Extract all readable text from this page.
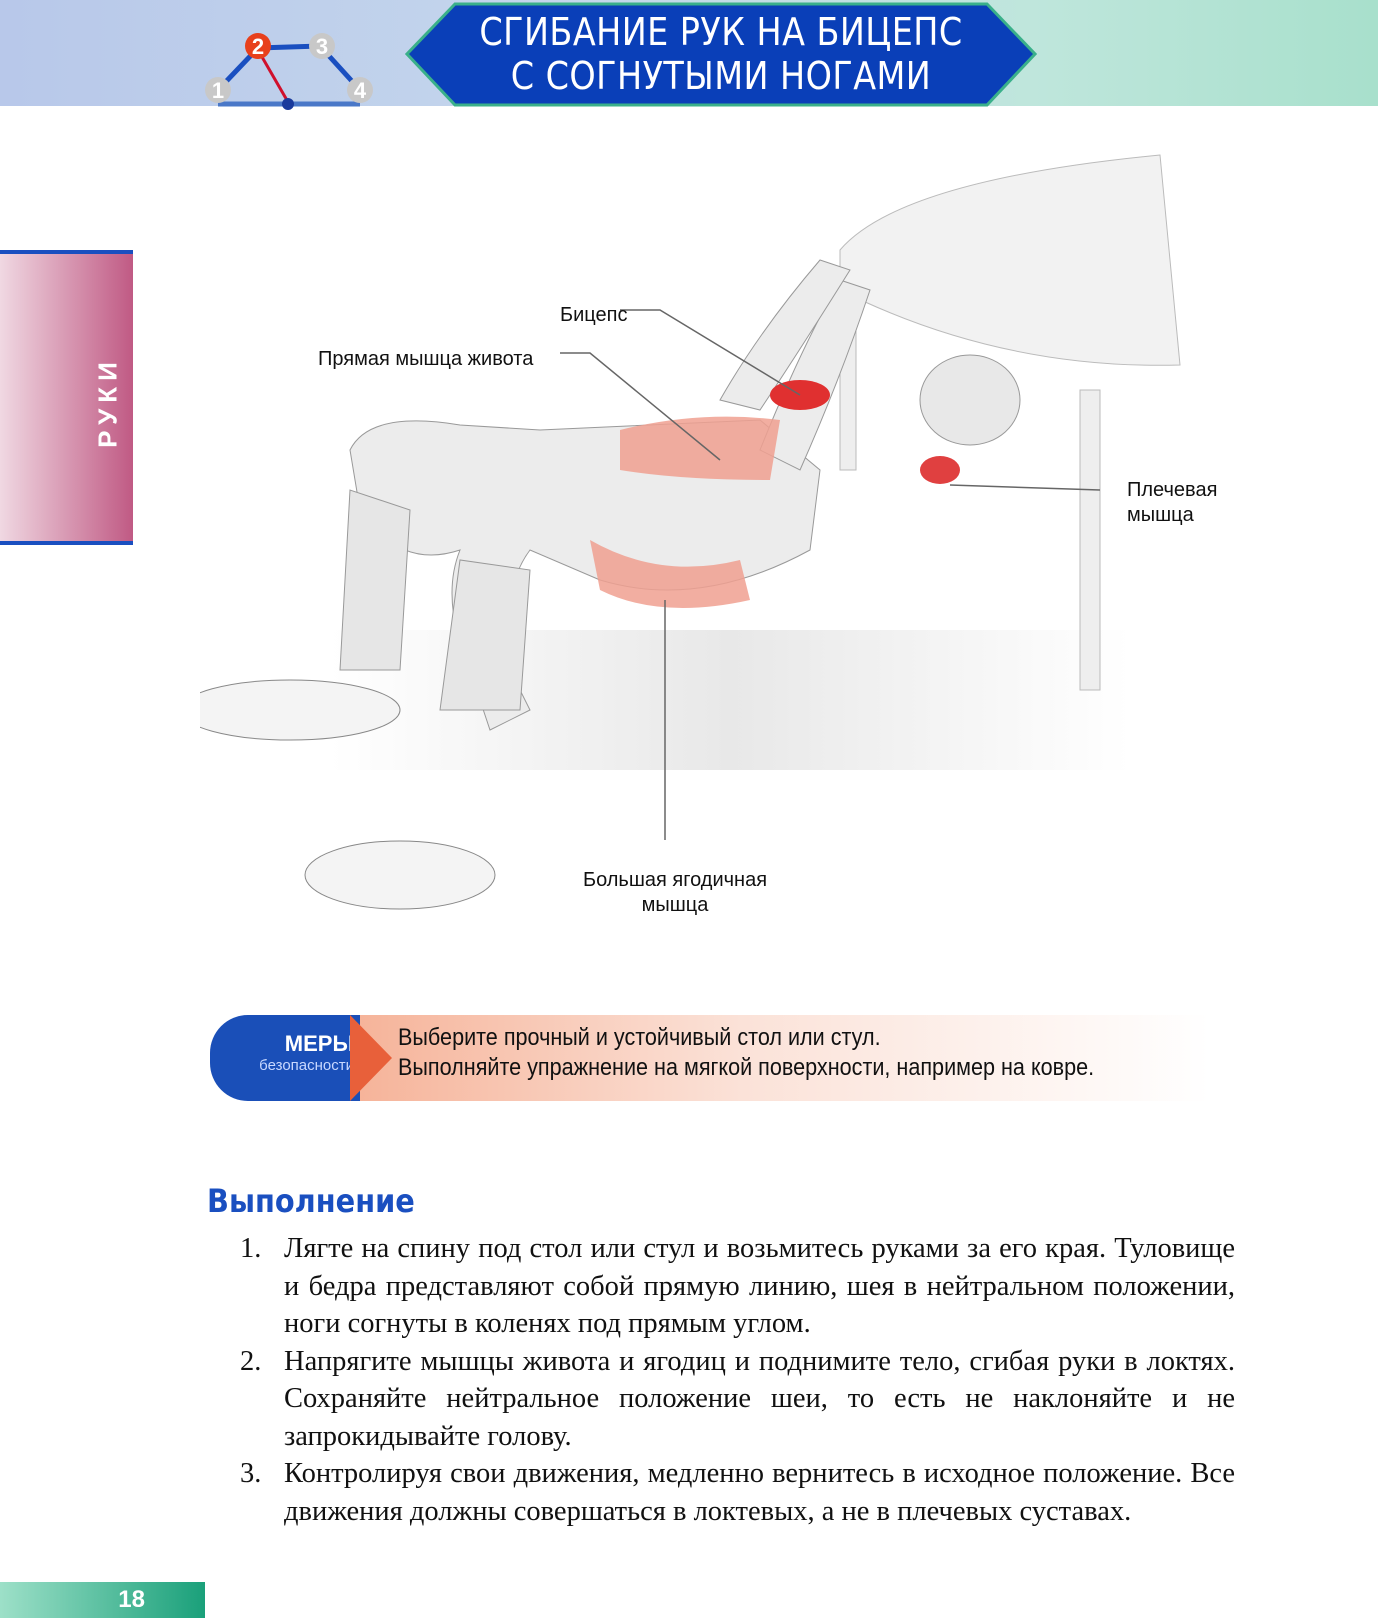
1
2 3
4
СГИБАНИЕ РУК НА БИЦЕПС
С СОГНУТЫМИ НОГАМИ
РУКИ
Бицепс
Прямая мышца живота
Плечевая
мышца
Большая ягодичная
мышца
МЕРЫ
безопасности
Выберите прочный и устойчивый стол или стул.
Выполняйте упражнение на мягкой поверхности, например на ковре.
Выполнение
1. Лягте на спину под стол или стул и возьмитесь руками за его края. Туловище и бедра представляют собой прямую линию, шея в нейтральном положении, ноги согнуты в коленях под прямым углом.
2. Напрягите мышцы живота и ягодиц и поднимите тело, сгибая руки в локтях. Сохраняйте нейтральное положение шеи, то есть не наклоняйте и не запрокидывайте голову.
3. Контролируя свои движения, медленно вернитесь в исходное положение. Все движения должны совершаться в локтевых, а не в плечевых суставах.
18
